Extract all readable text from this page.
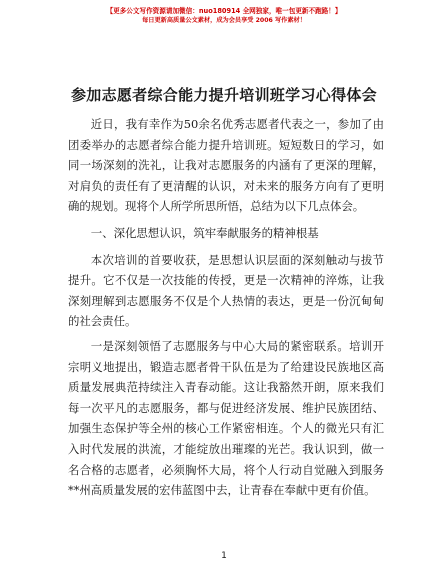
【更多公文写作资源请加微信：nuo180914 全网独家，唯一包更新不跑路！】
每日更新高质量公文素材，成为会员享受 2006 写作素材！
参加志愿者综合能力提升培训班学习心得体会

近日，我有幸作为50余名优秀志愿者代表之一，参加了由团委举办的志愿者综合能力提升培训班。短短数日的学习，如同一场深刻的洗礼，让我对志愿服务的内涵有了更深的理解，对肩负的责任有了更清醒的认识，对未来的服务方向有了更明确的规划。现将个人所学所思所悟，总结为以下几点体会。

一、深化思想认识，筑牢奉献服务的精神根基

本次培训的首要收获，是思想认识层面的深刻触动与拔节提升。它不仅是一次技能的传授，更是一次精神的淬炼，让我深刻理解到志愿服务不仅是个人热情的表达，更是一份沉甸甸的社会责任。

一是深刻领悟了志愿服务与中心大局的紧密联系。培训开宗明义地提出，锻造志愿者骨干队伍是为了给建设民族地区高质量发展典范持续注入青春动能。这让我豁然开朗，原来我们每一次平凡的志愿服务，都与促进经济发展、维护民族团结、加强生态保护等全州的核心工作紧密相连。个人的微光只有汇入时代发展的洪流，才能绽放出璀璨的光芒。我认识到，做一名合格的志愿者，必须胸怀大局，将个人行动自觉融入到服务**州高质量发展的宏伟蓝图中去，让青春在奉献中更有价值。

1
